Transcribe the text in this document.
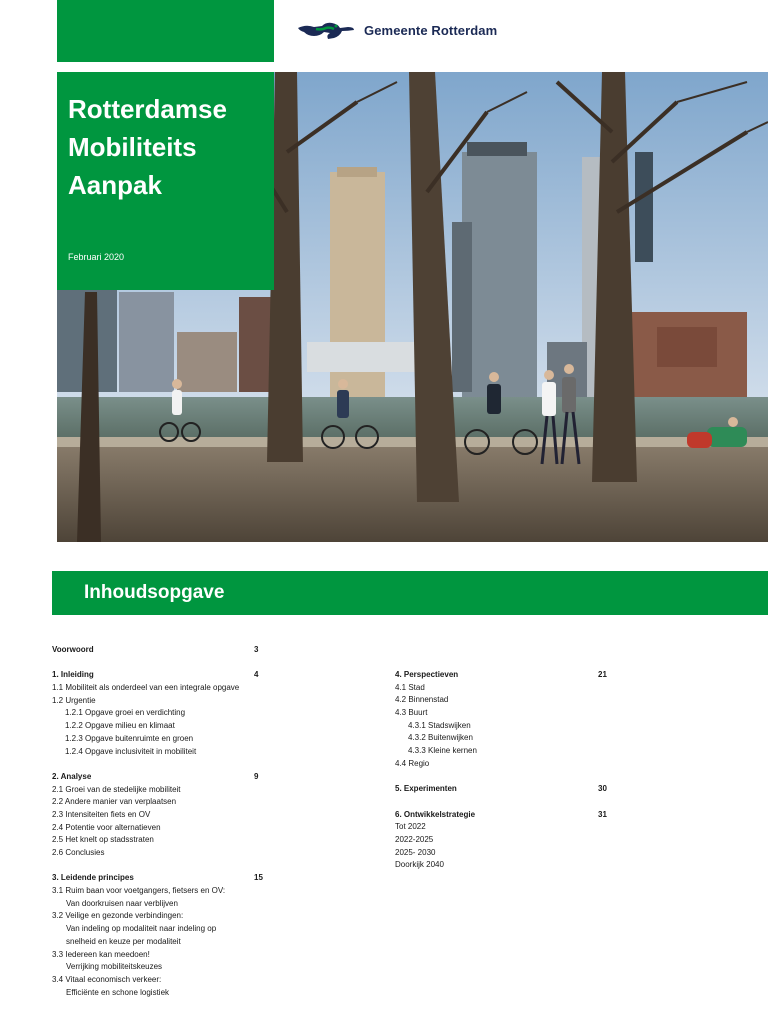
Gemeente Rotterdam
Rotterdamse
Mobiliteits
Aanpak
Februari 2020
Inhoudsopgave
Voorwoord	3
1. Inleiding	4
1.1 Mobiliteit als onderdeel van een integrale opgave
1.2 Urgentie
1.2.1 Opgave groei en verdichting
1.2.2 Opgave milieu en klimaat
1.2.3 Opgave buitenruimte en groen
1.2.4 Opgave inclusiviteit in mobiliteit
2. Analyse	9
2.1 Groei van de stedelijke mobiliteit
2.2 Andere manier van verplaatsen
2.3 Intensiteiten fiets en OV
2.4 Potentie voor alternatieven
2.5 Het knelt op stadsstraten
2.6 Conclusies
3. Leidende principes	15
3.1 Ruim baan voor voetgangers, fietsers en OV:
Van doorkruisen naar verblijven
3.2 Veilige en gezonde verbindingen:
Van indeling op modaliteit naar indeling op
snelheid en keuze per modaliteit
3.3 Iedereen kan meedoen!
Verrijking mobiliteitskeuzes
3.4 Vitaal economisch verkeer:
Efficiënte en schone logistiek
4. Perspectieven	21
4.1 Stad
4.2 Binnenstad
4.3 Buurt
4.3.1 Stadswijken
4.3.2 Buitenwijken
4.3.3 Kleine kernen
4.4 Regio
5. Experimenten	30
6. Ontwikkelstrategie	31
Tot 2022
2022-2025
2025- 2030
Doorkijk 2040
